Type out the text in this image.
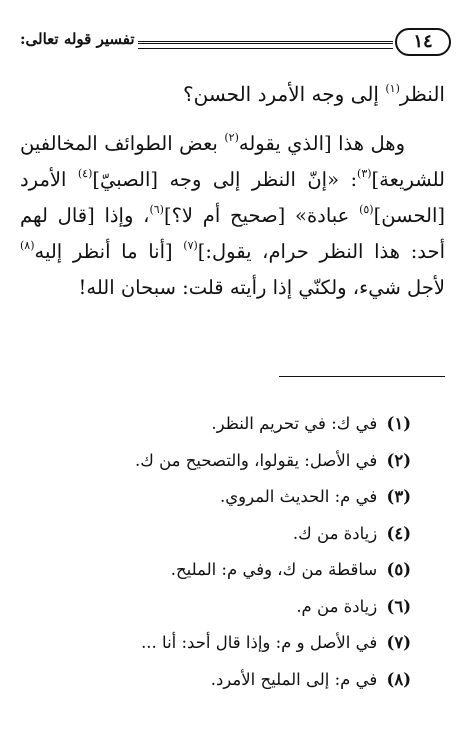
١٤
تفسير قوله تعالى:

النظر$^{(١)}$ إلى وجه الأمرد الحسن؟

وهل هذا [الذي يقوله$^{(٢)}$ بعض الطوائف المخالفين للشريعة]$^{(٣)}$: «إنّ النظر إلى وجه [الصبيّ]$^{(٤)}$ الأمرد [الحسن]$^{(٥)}$ عبادة» [صحيح أم لا؟]$^{(٦)}$، وإذا [قال لهم أحد: هذا النظر حرام، يقول:]$^{(٧)}$ [أنا ما أنظر إليه$^{(٨)}$ لأجل شيء، ولكنّي إذا رأيته قلت: سبحان الله!

(١) في ك: في تحريم النظر.
(٢) في الأصل: يقولوا، والتصحيح من ك.
(٣) في م: الحديث المروي.
(٤) زيادة من ك.
(٥) ساقطة من ك، وفي م: المليح.
(٦) زيادة من م.
(٧) في الأصل و م: وإذا قال أحد: أنا ...
(٨) في م: إلى المليح الأمرد.
